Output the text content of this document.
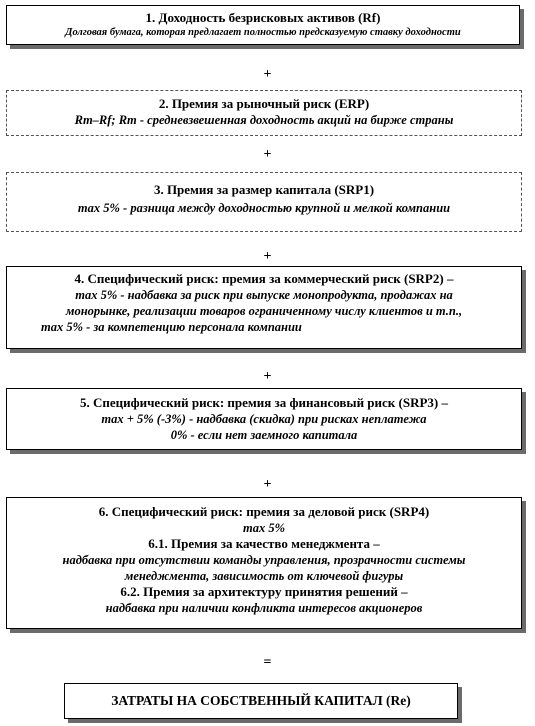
1. Доходность безрисковых активов (Rf)
Долговая бумага, которая предлагает полностью предсказуемую ставку доходности
+
2. Премия за рыночный риск (ERP)
Rm–Rf; Rm - средневзвешенная доходность акций на бирже страны
+
3. Премия за размер капитала (SRP1)
max 5% - разница между доходностью крупной и мелкой компании
+
4. Специфический риск: премия за коммерческий риск (SRP2) –
max 5% - надбавка за риск при выпуске монопродукта, продажах на
монорынке, реализации товаров ограниченному числу клиентов и т.п.,
max 5% - за компетенцию персонала компании
+
5. Специфический риск: премия за финансовый риск (SRP3) –
max + 5% (-3%) - надбавка (скидка) при рисках неплатежа
0% - если нет заемного капитала
+
6. Специфический риск: премия за деловой риск (SRP4)
max 5%
6.1. Премия за качество менеджмента –
надбавка при отсутствии команды управления, прозрачности системы
менеджмента, зависимость от ключевой фигуры
6.2. Премия за архитектуру принятия решений –
надбавка при наличии конфликта интересов акционеров
=
ЗАТРАТЫ НА СОБСТВЕННЫЙ КАПИТАЛ (Re)
